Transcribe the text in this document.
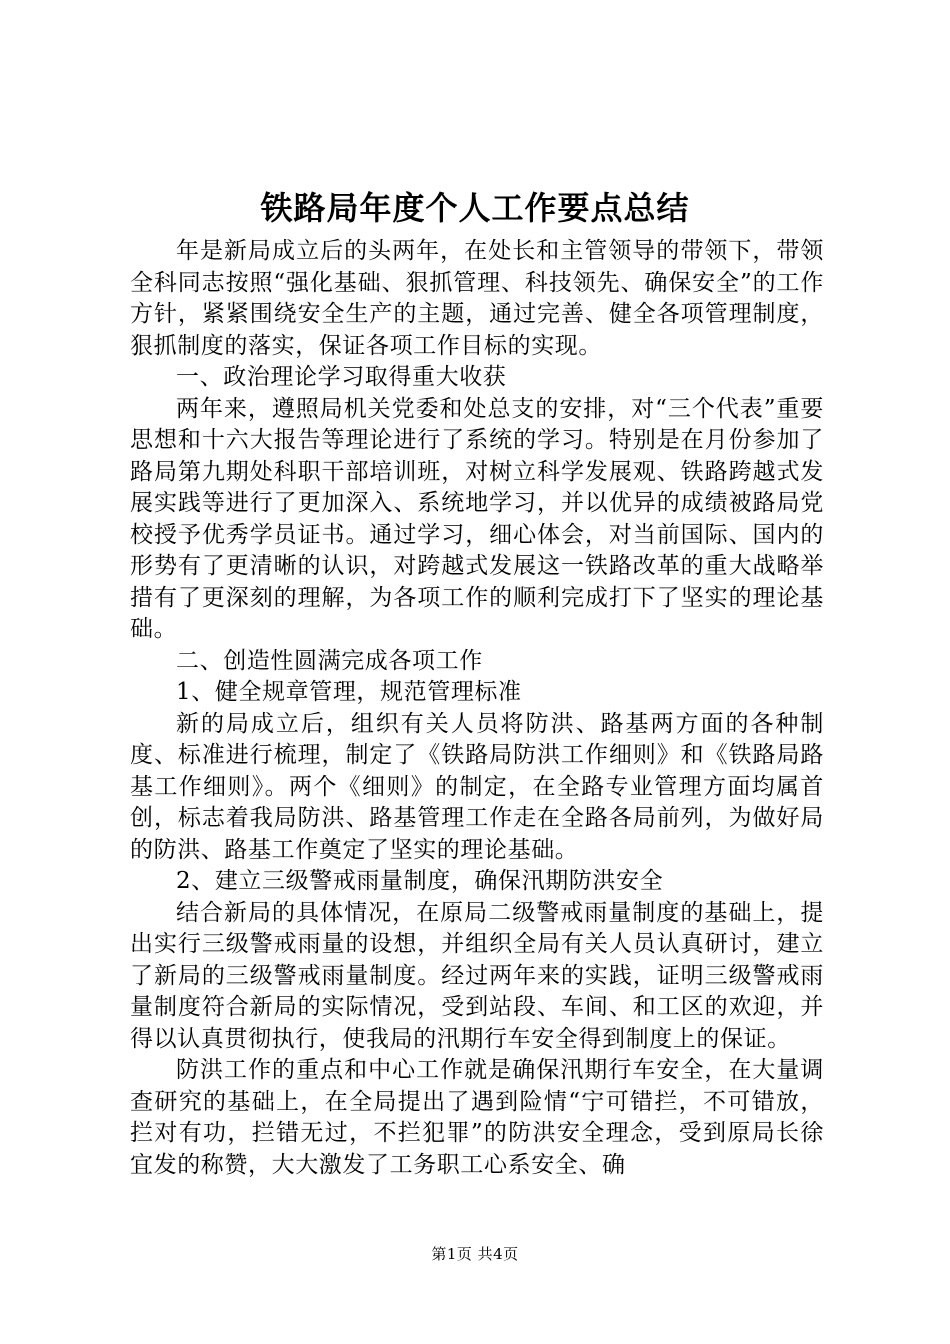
铁路局年度个人工作要点总结

年是新局成立后的头两年，在处长和主管领导的带领下，带领全科同志按照“强化基础、狠抓管理、科技领先、确保安全”的工作方针，紧紧围绕安全生产的主题，通过完善、健全各项管理制度，狠抓制度的落实，保证各项工作目标的实现。

一、政治理论学习取得重大收获

两年来，遵照局机关党委和处总支的安排，对“三个代表”重要思想和十六大报告等理论进行了系统的学习。特别是在月份参加了路局第九期处科职干部培训班，对树立科学发展观、铁路跨越式发展实践等进行了更加深入、系统地学习，并以优异的成绩被路局党校授予优秀学员证书。通过学习，细心体会，对当前国际、国内的形势有了更清晰的认识，对跨越式发展这一铁路改革的重大战略举措有了更深刻的理解，为各项工作的顺利完成打下了坚实的理论基础。

二、创造性圆满完成各项工作

1、健全规章管理，规范管理标准

新的局成立后，组织有关人员将防洪、路基两方面的各种制度、标准进行梳理，制定了《铁路局防洪工作细则》和《铁路局路基工作细则》。两个《细则》的制定，在全路专业管理方面均属首创，标志着我局防洪、路基管理工作走在全路各局前列，为做好局的防洪、路基工作奠定了坚实的理论基础。

2、建立三级警戒雨量制度，确保汛期防洪安全

结合新局的具体情况，在原局二级警戒雨量制度的基础上，提出实行三级警戒雨量的设想，并组织全局有关人员认真研讨，建立了新局的三级警戒雨量制度。经过两年来的实践，证明三级警戒雨量制度符合新局的实际情况，受到站段、车间、和工区的欢迎，并得以认真贯彻执行，使我局的汛期行车安全得到制度上的保证。

防洪工作的重点和中心工作就是确保汛期行车安全，在大量调查研究的基础上，在全局提出了遇到险情“宁可错拦，不可错放，拦对有功，拦错无过，不拦犯罪”的防洪安全理念，受到原局长徐宜发的称赞，大大激发了工务职工心系安全、确

第1页 共4页
